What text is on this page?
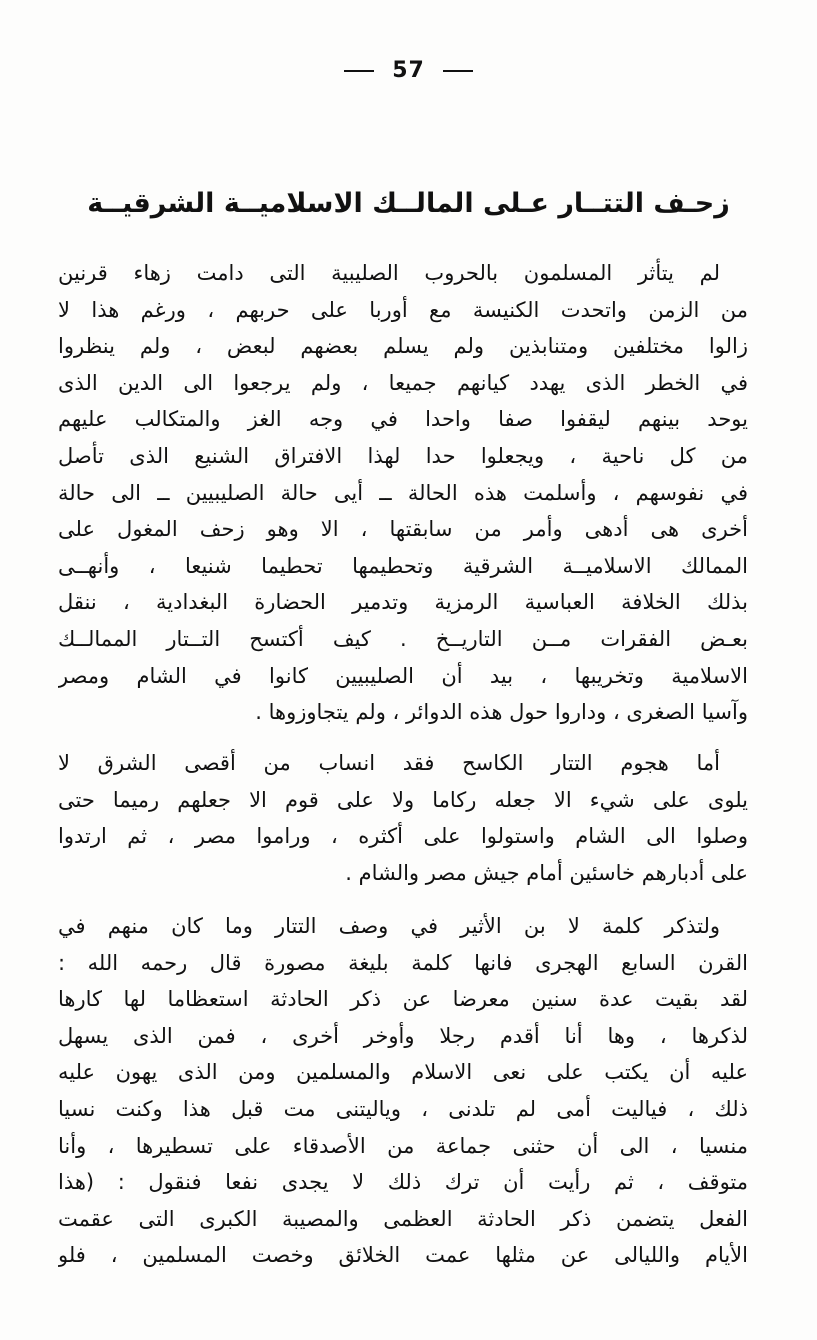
57
زحـف التتــار عـلى المالــك الاسلاميــة الشرقيــة
لم يتأثر المسلمون بالحروب الصليبية التى دامت زهاء قرنين
من الزمن واتحدت الكنيسة مع أوربا على حربهم ، ورغم هذا لا
زالوا مختلفين ومتنابذين ولم يسلم بعضهم لبعض ، ولم ينظروا
في الخطر الذى يهدد كيانهم جميعا ، ولم يرجعوا الى الدين الذى
يوحد بينهم ليقفوا صفا واحدا في وجه الغز والمتكالب عليهم
من كل ناحية ، ويجعلوا حدا لهذا الافتراق الشنيع الذى تأصل
في نفوسهم ، وأسلمت هذه الحالة ــ أيى حالة الصليبيين ــ الى حالة
أخرى هى أدهى وأمر من سابقتها ، الا وهو زحف المغول على
الممالك الاسلاميــة الشرقية وتحطيمها تحطيما شنيعا ، وأنهــى
بذلك الخلافة العباسية الرمزية وتدمير الحضارة البغدادية ، ننقل
بعـض الفقرات مــن التاريــخ . كيف أكتسح التــتار الممالــك
الاسلامية وتخريبها ، بيد أن الصليبيين كانوا في الشام ومصر
وآسيا الصغرى ، وداروا حول هذه الدوائر ، ولم يتجاوزوها .
أما هجوم التتار الكاسح فقد انساب من أقصى الشرق لا
يلوى على شيء الا جعله ركاما ولا على قوم الا جعلهم رميما حتى
وصلوا الى الشام واستولوا على أكثره ، وراموا مصر ، ثم ارتدوا
على أدبارهم خاسئين أمام جيش مصر والشام .
ولتذكر كلمة لا بن الأثير في وصف التتار وما كان منهم في
القرن السابع الهجرى فانها كلمة بليغة مصورة قال رحمه الله :
لقد بقيت عدة سنين معرضا عن ذكر الحادثة استعظاما لها كارها
لذكرها ، وها أنا أقدم رجلا وأوخر أخرى ، فمن الذى يسهل
عليه أن يكتب على نعى الاسلام والمسلمين ومن الذى يهون عليه
ذلك ، فياليت أمى لم تلدنى ، وياليتنى مت قبل هذا وكنت نسيا
منسيا ، الى أن حثنى جماعة من الأصدقاء على تسطيرها ، وأنا
متوقف ، ثم رأيت أن ترك ذلك لا يجدى نفعا فنقول : (هذا
الفعل يتضمن ذكر الحادثة العظمى والمصيبة الكبرى التى عقمت
الأيام والليالى عن مثلها عمت الخلائق وخصت المسلمين ، فلو
